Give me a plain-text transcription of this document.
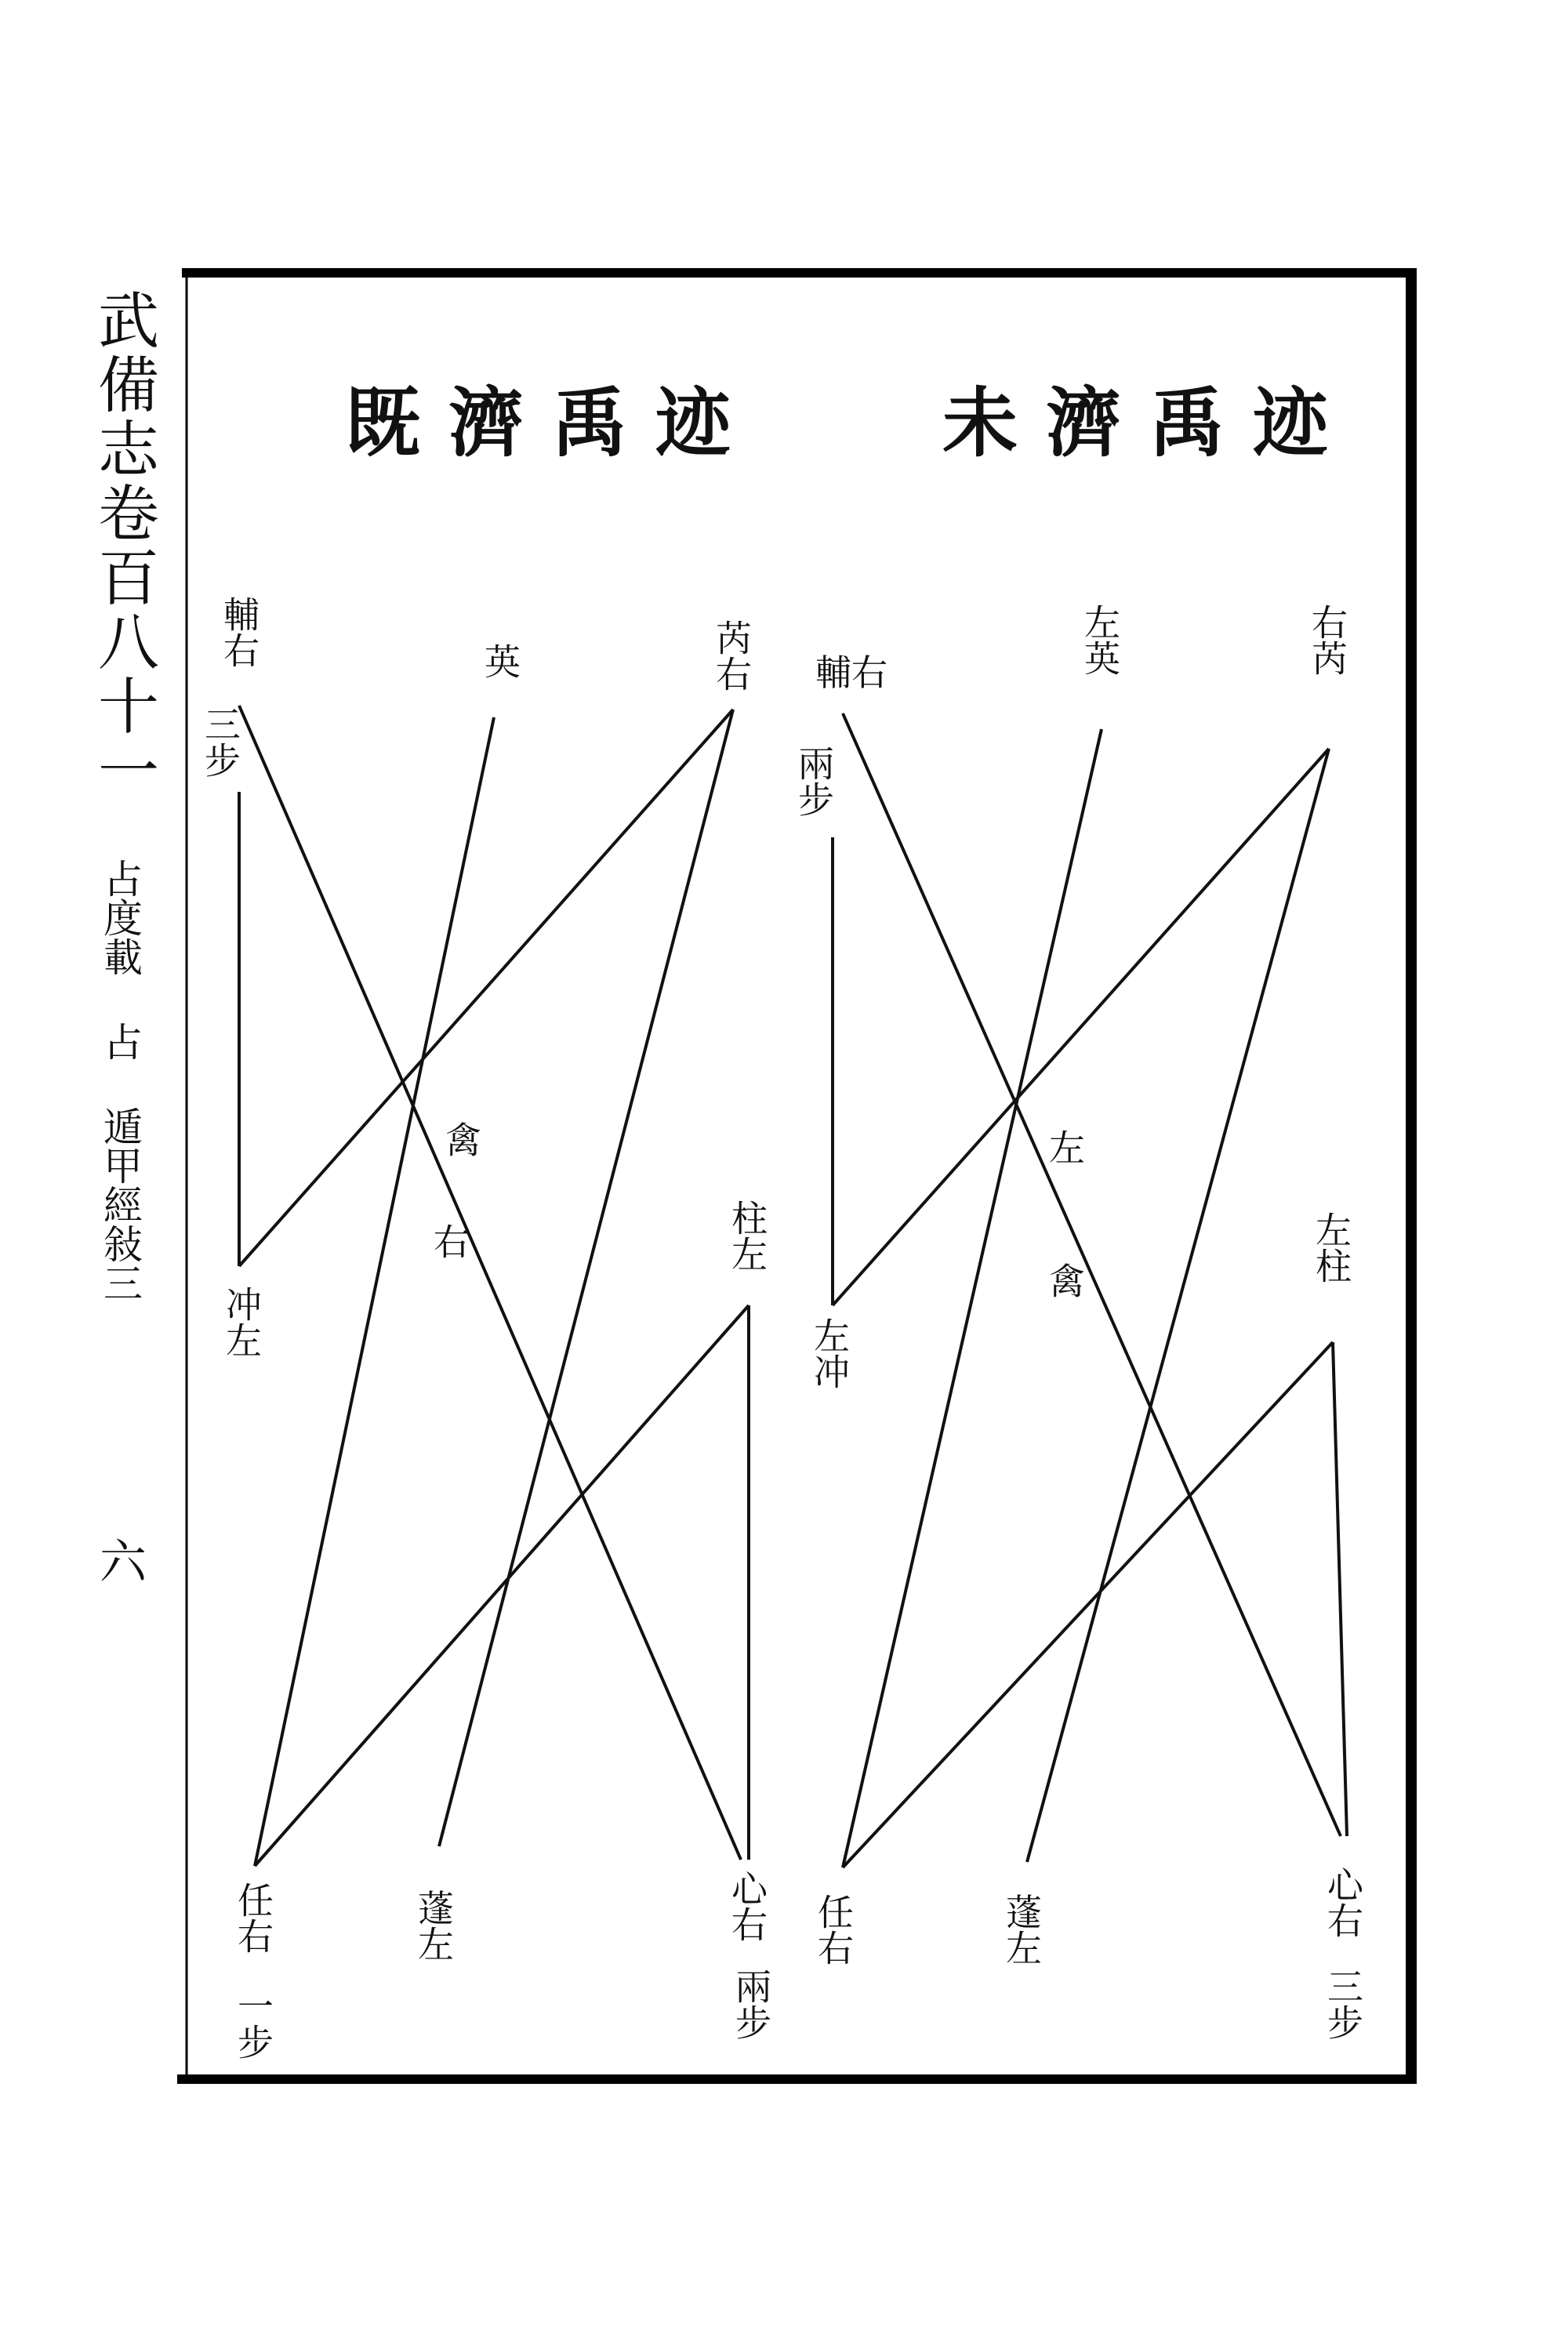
武備志卷百八十一
占度載 占 遁甲經敍三
六
既濟禹迹	未濟禹迹
輔右
三步
英	芮右
冲左
禽
右	柱左
任右
一步
蓬左	心右
兩步
輔右
兩步
左英	右芮
左冲
左
禽	左柱
任右	蓬左	心右
三步
